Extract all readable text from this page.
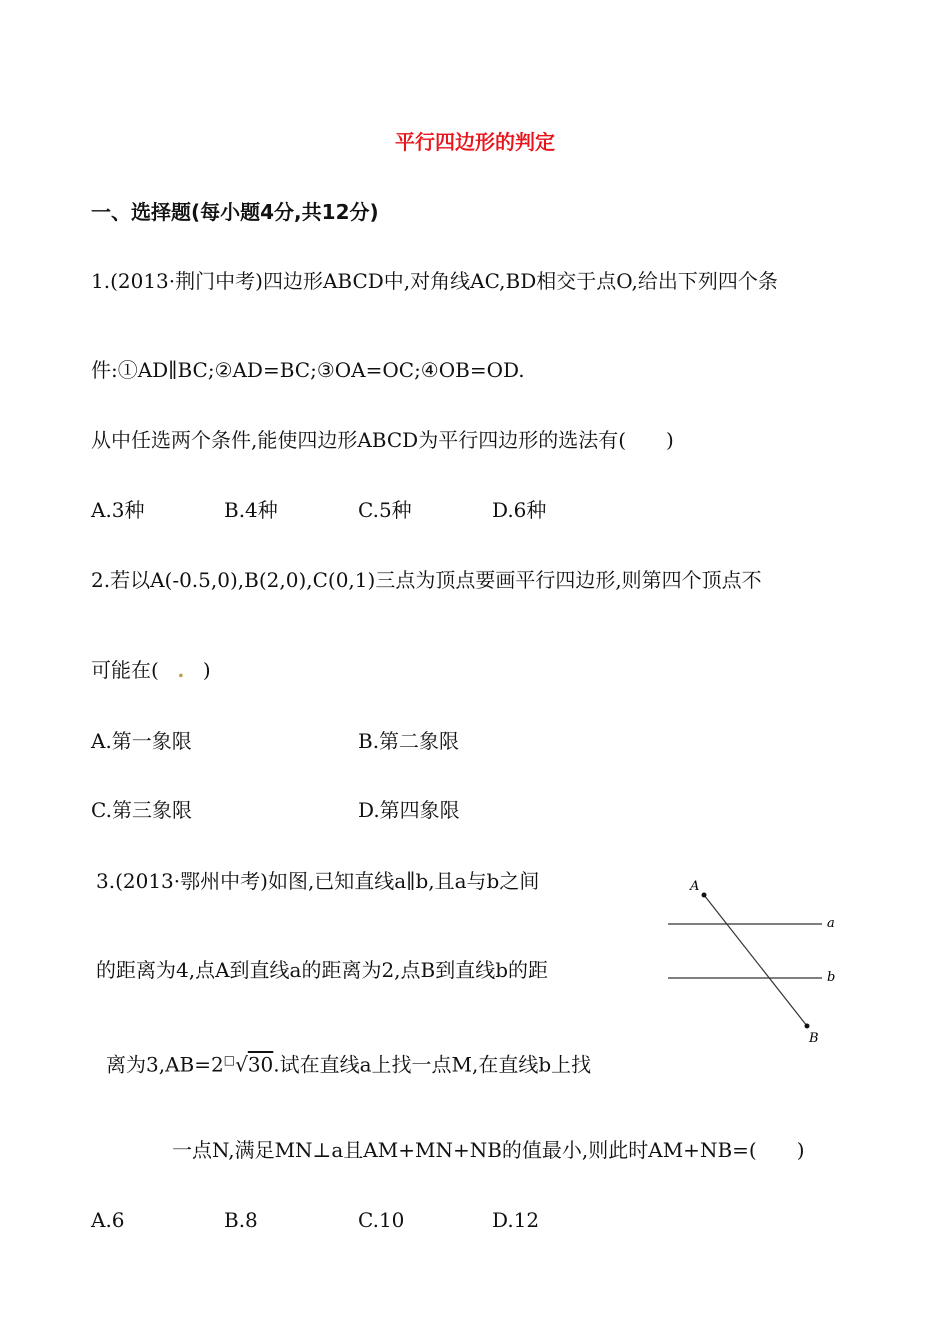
平行四边形的判定
一、选择题(每小题4分,共12分)
1.(2013·荆门中考)四边形ABCD中,对角线AC,BD相交于点O,给出下列四个条
件:①AD∥BC;②AD=BC;③OA=OC;④OB=OD.
从中任选两个条件,能使四边形ABCD为平行四边形的选法有(　　)
A.3种	B.4种	C.5种	D.6种
2.若以A(-0.5,0),B(2,0),C(0,1)三点为顶点要画平行四边形,则第四个顶点不
可能在( . )
A.第一象限	B.第二象限
C.第三象限	D.第四象限
3.(2013·鄂州中考)如图,已知直线a∥b,且a与b之间
的距离为4,点A到直线a的距离为2,点B到直线b的距
离为3,AB=2□√30.试在直线a上找一点M,在直线b上找
一点N,满足MN⊥a且AM+MN+NB的值最小,则此时AM+NB=(　　)
A.6	B.8	C.10	D.12
A
B
a
b
